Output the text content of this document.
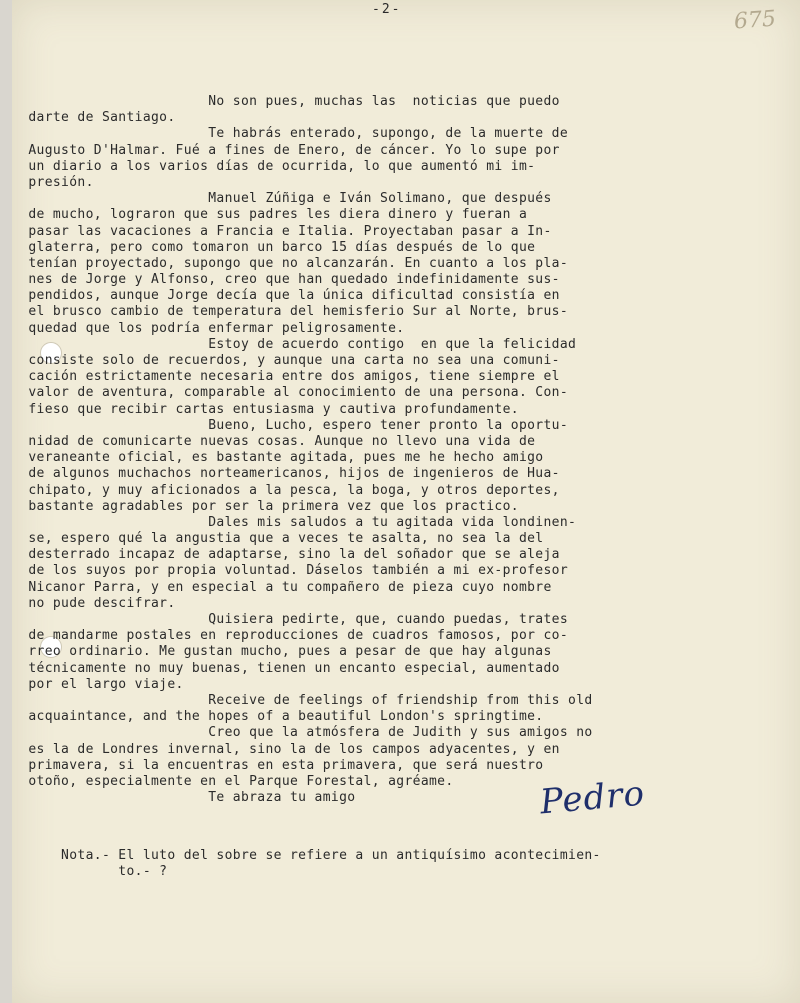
-2-	675
No son pues, muchas las  noticias que puedo
darte de Santiago.
Te habrás enterado, supongo, de la muerte de
Augusto D'Halmar. Fué a fines de Enero, de cáncer. Yo lo supe por
un diario a los varios días de ocurrida, lo que aumentó mi im-
presión.
Manuel Zúñiga e Iván Solimano, que después
de mucho, lograron que sus padres les diera dinero y fueran a
pasar las vacaciones a Francia e Italia. Proyectaban pasar a In-
glaterra, pero como tomaron un barco 15 días después de lo que
tenían proyectado, supongo que no alcanzarán. En cuanto a los pla-
nes de Jorge y Alfonso, creo que han quedado indefinidamente sus-
pendidos, aunque Jorge decía que la única dificultad consistía en
el brusco cambio de temperatura del hemisferio Sur al Norte, brus-
quedad que los podría enfermar peligrosamente.
Estoy de acuerdo contigo  en que la felicidad
consiste solo de recuerdos, y aunque una carta no sea una comuni-
cación estrictamente necesaria entre dos amigos, tiene siempre el
valor de aventura, comparable al conocimiento de una persona. Con-
fieso que recibir cartas entusiasma y cautiva profundamente.
Bueno, Lucho, espero tener pronto la oportu-
nidad de comunicarte nuevas cosas. Aunque no llevo una vida de
veraneante oficial, es bastante agitada, pues me he hecho amigo
de algunos muchachos norteamericanos, hijos de ingenieros de Hua-
chipato, y muy aficionados a la pesca, la boga, y otros deportes,
bastante agradables por ser la primera vez que los practico.
Dales mis saludos a tu agitada vida londinen-
se, espero qué la angustia que a veces te asalta, no sea la del
desterrado incapaz de adaptarse, sino la del soñador que se aleja
de los suyos por propia voluntad. Dáselos también a mi ex-profesor
Nicanor Parra, y en especial a tu compañero de pieza cuyo nombre
no pude descifrar.
Quisiera pedirte, que, cuando puedas, trates
de mandarme postales en reproducciones de cuadros famosos, por co-
rreo ordinario. Me gustan mucho, pues a pesar de que hay algunas
técnicamente no muy buenas, tienen un encanto especial, aumentado
por el largo viaje.
Receive de feelings of friendship from this old
acquaintance, and the hopes of a beautiful London's springtime.
Creo que la atmósfera de Judith y sus amigos no
es la de Londres invernal, sino la de los campos adyacentes, y en
primavera, si la encuentras en esta primavera, que será nuestro
otoño, especialmente en el Parque Forestal, agréame.
Te abraza tu amigo	Pedro
Nota.- El luto del sobre se refiere a un antiquísimo acontecimien-
to.- ?
